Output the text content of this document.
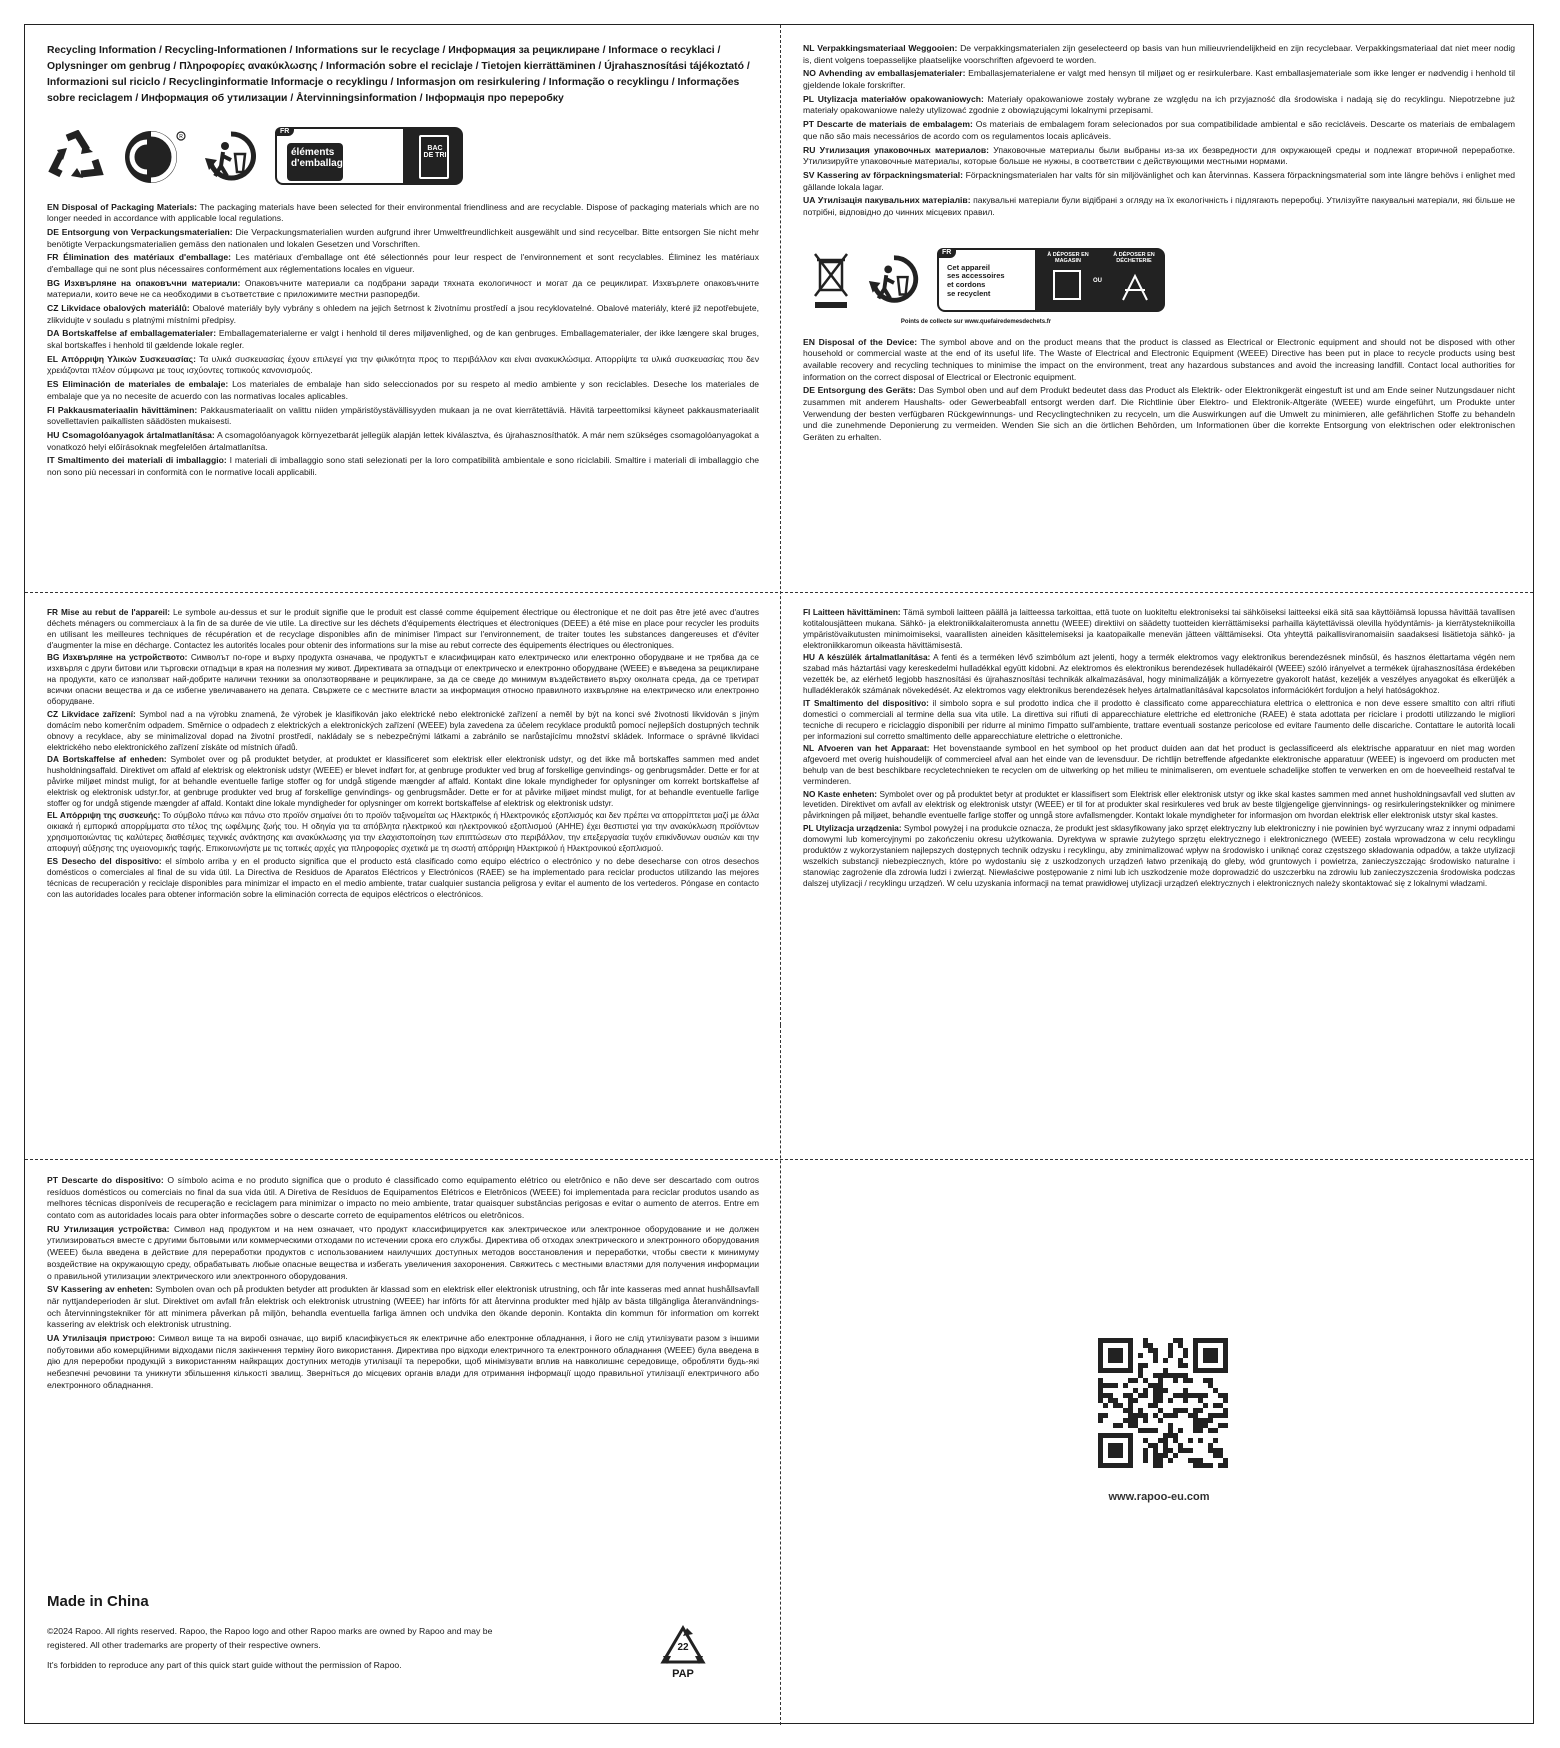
Recycling Information / Recycling-Informationen / Informations sur le recyclage / Информация за рециклиране / Informace o recyklaci / Oplysninger om genbrug / Πληροφορίες ανακύκλωσης / Información sobre el reciclaje / Tietojen kierrättäminen / Újrahasznosítási tájékoztató / Informazioni sul riciclo / Recyclinginformatie Informacje o recyklingu / Informasjon om resirkulering / Informação o recyklingu / Informações sobre reciclagem / Информация об утилизации / Återvinningsinformation / Інформація про переробку
R
FR
éléments
d'emballage
BAC DE TRI
EN Disposal of Packaging Materials: The packaging materials have been selected for their environmental friendliness and are recyclable. Dispose of packaging materials which are no longer needed in accordance with applicable local regulations.
DE Entsorgung von Verpackungsmaterialien: Die Verpackungsmaterialien wurden aufgrund ihrer Umweltfreundlichkeit ausgewählt und sind recycelbar. Bitte entsorgen Sie nicht mehr benötigte Verpackungsmaterialien gemäss den nationalen und lokalen Gesetzen und Vorschriften.
FR Élimination des matériaux d'emballage: Les matériaux d'emballage ont été sélectionnés pour leur respect de l'environnement et sont recyclables. Éliminez les matériaux d'emballage qui ne sont plus nécessaires conformément aux réglementations locales en vigueur.
BG Изхвърляне на опаковъчни материали: Опаковъчните материали са подбрани заради тяхната екологичност и могат да се рециклират. Изхвърлете опаковъчните материали, които вече не са необходими в съответствие с приложимите местни разпоредби.
CZ Likvidace obalových materiálů: Obalové materiály byly vybrány s ohledem na jejich šetrnost k životnímu prostředí a jsou recyklovatelné. Obalové materiály, které již nepotřebujete, zlikvidujte v souladu s platnými místními předpisy.
DA Bortskaffelse af emballagematerialer: Emballagematerialerne er valgt i henhold til deres miljøvenlighed, og de kan genbruges. Emballagematerialer, der ikke længere skal bruges, skal bortskaffes i henhold til gældende lokale regler.
EL Απόρριψη Υλικών Συσκευασίας: Τα υλικά συσκευασίας έχουν επιλεγεί για την φιλικότητα προς το περιβάλλον και είναι ανακυκλώσιμα. Απορρίψτε τα υλικά συσκευασίας που δεν χρειάζονται πλέον σύμφωνα με τους ισχύοντες τοπικούς κανονισμούς.
ES Eliminación de materiales de embalaje: Los materiales de embalaje han sido seleccionados por su respeto al medio ambiente y son reciclables. Deseche los materiales de embalaje que ya no necesite de acuerdo con las normativas locales aplicables.
FI Pakkausmateriaalin hävittäminen: Pakkausmateriaalit on valittu niiden ympäristöystävällisyyden mukaan ja ne ovat kierrätettäviä. Hävitä tarpeettomiksi käyneet pakkausmateriaalit sovellettavien paikallisten säädösten mukaisesti.
HU Csomagolóanyagok ártalmatlanítása: A csomagolóanyagok környezetbarát jellegük alapján lettek kiválasztva, és újrahasznosíthatók. A már nem szükséges csomagolóanyagokat a vonatkozó helyi előírásoknak megfelelően ártalmatlanítsa.
IT Smaltimento dei materiali di imballaggio: I materiali di imballaggio sono stati selezionati per la loro compatibilità ambientale e sono riciclabili. Smaltire i materiali di imballaggio che non sono più necessari in conformità con le normative locali applicabili.
NL Verpakkingsmateriaal Weggooien: De verpakkingsmaterialen zijn geselecteerd op basis van hun milieuvriendelijkheid en zijn recyclebaar. Verpakkingsmateriaal dat niet meer nodig is, dient volgens toepasselijke plaatselijke voorschriften afgevoerd te worden.
NO Avhending av emballasjematerialer: Emballasjematerialene er valgt med hensyn til miljøet og er resirkulerbare. Kast emballasjemateriale som ikke lenger er nødvendig i henhold til gjeldende lokale forskrifter.
PL Utylizacja materiałów opakowaniowych: Materiały opakowaniowe zostały wybrane ze względu na ich przyjazność dla środowiska i nadają się do recyklingu. Niepotrzebne już materiały opakowaniowe należy utylizować zgodnie z obowiązującymi lokalnymi przepisami.
PT Descarte de materiais de embalagem: Os materiais de embalagem foram selecionados por sua compatibilidade ambiental e são recicláveis. Descarte os materiais de embalagem que não são mais necessários de acordo com os regulamentos locais aplicáveis.
RU Утилизация упаковочных материалов: Упаковочные материалы были выбраны из-за их безвредности для окружающей среды и подлежат вторичной переработке. Утилизируйте упаковочные материалы, которые больше не нужны, в соответствии с действующими местными нормами.
SV Kassering av förpackningsmaterial: Förpackningsmaterialen har valts för sin miljövänlighet och kan återvinnas. Kassera förpackningsmaterial som inte längre behövs i enlighet med gällande lokala lagar.
UA Утилізація пакувальних матеріалів: пакувальні матеріали були відібрані з огляду на їх екологічність і підлягають переробці. Утилізуйте пакувальні матеріали, які більше не потрібні, відповідно до чинних місцевих правил.
FR
Cet appareil
ses accessoires
et cordons
se recyclent
À DÉPOSER EN MAGASIN
OU
À DÉPOSER EN DÉCHETERIE
Points de collecte sur www.quefairedemesdechets.fr
EN Disposal of the Device: The symbol above and on the product means that the product is classed as Electrical or Electronic equipment and should not be disposed with other household or commercial waste at the end of its useful life. The Waste of Electrical and Electronic Equipment (WEEE) Directive has been put in place to recycle products using best available recovery and recycling techniques to minimise the impact on the environment, treat any hazardous substances and avoid the increasing landfill. Contact local authorities for information on the correct disposal of Electrical or Electronic equipment.
DE Entsorgung des Geräts: Das Symbol oben und auf dem Produkt bedeutet dass das Product als Elektrik- oder Elektronikgerät eingestuft ist und am Ende seiner Nutzungsdauer nicht zusammen mit anderem Haushalts- oder Gewerbeabfall entsorgt werden darf. Die Richtlinie über Elektro- und Elektronik-Altgeräte (WEEE) wurde eingeführt, um Produkte unter Verwendung der besten verfügbaren Rückgewinnungs- und Recyclingtechniken zu recyceln, um die Auswirkungen auf die Umwelt zu minimieren, alle gefährlichen Stoffe zu behandeln und die zunehmende Deponierung zu vermeiden. Wenden Sie sich an die örtlichen Behörden, um Informationen über die korrekte Entsorgung von elektrischen oder elektronischen Geräten zu erhalten.
FR Mise au rebut de l'appareil: Le symbole au-dessus et sur le produit signifie que le produit est classé comme équipement électrique ou électronique et ne doit pas être jeté avec d'autres déchets ménagers ou commerciaux à la fin de sa durée de vie utile. La directive sur les déchets d'équipements électriques et électroniques (DEEE) a été mise en place pour recycler les produits en utilisant les meilleures techniques de récupération et de recyclage disponibles afin de minimiser l'impact sur l'environnement, de traiter toutes les substances dangereuses et d'éviter d'augmenter la mise en décharge. Contactez les autorités locales pour obtenir des informations sur la mise au rebut correcte des équipements électriques ou électroniques.
BG Изхвърляне на устройството: Символът по-горе и върху продукта означава, че продуктът е класифициран като електрическо или електронно оборудване и не трябва да се изхвърля с други битови или търговски отпадъци в края на полезния му живот. Директивата за отпадъци от електрическо и електронно оборудване (WEEE) е въведена за рециклиране на продукти, като се използват най-добрите налични техники за оползотворяване и рециклиране, за да се сведе до минимум въздействието върху околната среда, да се третират всички опасни вещества и да се избегне увеличаването на депата. Свържете се с местните власти за информация относно правилното изхвърляне на електрическо или електронно оборудване.
CZ Likvidace zařízení: Symbol nad a na výrobku znamená, že výrobek je klasifikován jako elektrické nebo elektronické zařízení a neměl by být na konci své životnosti likvidován s jiným domácím nebo komerčním odpadem. Směrnice o odpadech z elektrických a elektronických zařízení (WEEE) byla zavedena za účelem recyklace produktů pomocí nejlepších dostupných technik obnovy a recyklace, aby se minimalizoval dopad na životní prostředí, nakládaly se s nebezpečnými látkami a zabránilo se narůstajícímu množství skládek. Informace o správné likvidaci elektrického nebo elektronického zařízení získáte od místních úřadů.
DA Bortskaffelse af enheden: Symbolet over og på produktet betyder, at produktet er klassificeret som elektrisk eller elektronisk udstyr, og det ikke må bortskaffes sammen med andet husholdningsaffald. Direktivet om affald af elektrisk og elektronisk udstyr (WEEE) er blevet indført for, at genbruge produkter ved brug af forskellige genvindings- og genbrugsmåder. Dette er for at påvirke miljøet mindst muligt, for at behandle eventuelle farlige stoffer og for undgå stigende mængder af affald. Kontakt dine lokale myndigheder for oplysninger om korrekt bortskaffelse af elektrisk og elektronisk udstyr.for, at genbruge produkter ved brug af forskellige genvindings- og genbrugsmåder. Dette er for at påvirke miljøet mindst muligt, for at behandle eventuelle farlige stoffer og for undgå stigende mængder af affald. Kontakt dine lokale myndigheder for oplysninger om korrekt bortskaffelse af elektrisk og elektronisk udstyr.
EL Απόρριψη της συσκευής: Το σύμβολο πάνω και πάνω στο προϊόν σημαίνει ότι το προϊόν ταξινομείται ως Ηλεκτρικός ή Ηλεκτρονικός εξοπλισμός και δεν πρέπει να απορρίπτεται μαζί με άλλα οικιακά ή εμπορικά απορρίμματα στο τέλος της ωφέλιμης ζωής του. Η οδηγία για τα απόβλητα ηλεκτρικού και ηλεκτρονικού εξοπλισμού (ΑΗΗΕ) έχει θεσπιστεί για την ανακύκλωση προϊόντων χρησιμοποιώντας τις καλύτερες διαθέσιμες τεχνικές ανάκτησης και ανακύκλωσης για την ελαχιστοποίηση των επιπτώσεων στο περιβάλλον, την επεξεργασία τυχόν επικίνδυνων ουσιών και την αποφυγή αύξησης της υγειονομικής ταφής. Επικοινωνήστε με τις τοπικές αρχές για πληροφορίες σχετικά με τη σωστή απόρριψη Ηλεκτρικού ή Ηλεκτρονικού εξοπλισμού.
ES Desecho del dispositivo: el símbolo arriba y en el producto significa que el producto está clasificado como equipo eléctrico o electrónico y no debe desecharse con otros desechos domésticos o comerciales al final de su vida útil. La Directiva de Residuos de Aparatos Eléctricos y Electrónicos (RAEE) se ha implementado para reciclar productos utilizando las mejores técnicas de recuperación y reciclaje disponibles para minimizar el impacto en el medio ambiente, tratar cualquier sustancia peligrosa y evitar el aumento de los vertederos. Póngase en contacto con las autoridades locales para obtener información sobre la eliminación correcta de equipos eléctricos o electrónicos.
FI Laitteen hävittäminen: Tämä symboli laitteen päällä ja laitteessa tarkoittaa, että tuote on luokiteltu elektroniseksi tai sähköiseksi laitteeksi eikä sitä saa käyttöiämsä lopussa hävittää tavallisen kotitalousjätteen mukana. Sähkö- ja elektroniikkalaiteromusta annettu (WEEE) direktiivi on säädetty tuotteiden kierrättämiseksi parhailla käytettävissä olevilla hyödyntämis- ja kierrätystekniikoilla ympäristövaikutusten minimoimiseksi, vaarallisten aineiden käsittelemiseksi ja kaatopaikalle menevän jätteen välttämiseksi. Ota yhteyttä paikallisviranomaisiin saadaksesi lisätietoja sähkö- ja elektroniikkaromun oikeasta hävittämisestä.
HU A készülék ártalmatlanítása: A fenti és a terméken lévő szimbólum azt jelenti, hogy a termék elektromos vagy elektronikus berendezésnek minősül, és hasznos élettartama végén nem szabad más háztartási vagy kereskedelmi hulladékkal együtt kidobni. Az elektromos és elektronikus berendezések hulladékairól (WEEE) szóló irányelvet a termékek újrahasznosítása érdekében vezették be, az elérhető legjobb hasznosítási és újrahasznosítási technikák alkalmazásával, hogy minimalizálják a környezetre gyakorolt hatást, kezeljék a veszélyes anyagokat és elkerüljék a hulladéklerakók számának növekedését. Az elektromos vagy elektronikus berendezések helyes ártalmatlanításával kapcsolatos információkért forduljon a helyi hatóságokhoz.
IT Smaltimento del dispositivo: il simbolo sopra e sul prodotto indica che il prodotto è classificato come apparecchiatura elettrica o elettronica e non deve essere smaltito con altri rifiuti domestici o commerciali al termine della sua vita utile. La direttiva sui rifiuti di apparecchiature elettriche ed elettroniche (RAEE) è stata adottata per riciclare i prodotti utilizzando le migliori tecniche di recupero e riciclaggio disponibili per ridurre al minimo l'impatto sull'ambiente, trattare eventuali sostanze pericolose ed evitare l'aumento delle discariche. Contattare le autorità locali per informazioni sul corretto smaltimento delle apparecchiature elettriche o elettroniche.
NL Afvoeren van het Apparaat: Het bovenstaande symbool en het symbool op het product duiden aan dat het product is geclassificeerd als elektrische apparatuur en niet mag worden afgevoerd met overig huishoudelijk of commercieel afval aan het einde van de levensduur. De richtlijn betreffende afgedankte elektronische apparatuur (WEEE) is ingevoerd om producten met behulp van de best beschikbare recycletechnieken te recyclen om de uitwerking op het milieu te minimaliseren, om eventuele schadelijke stoffen te verwerken en om de hoeveelheid restafval te verminderen.
NO Kaste enheten: Symbolet over og på produktet betyr at produktet er klassifisert som Elektrisk eller elektronisk utstyr og ikke skal kastes sammen med annet husholdningsavfall ved slutten av levetiden. Direktivet om avfall av elektrisk og elektronisk utstyr (WEEE) er til for at produkter skal resirkuleres ved bruk av beste tilgjengelige gjenvinnings- og resirkuleringsteknikker og minimere påvirkningen på miljøet, behandle eventuelle farlige stoffer og unngå store avfallsmengder. Kontakt lokale myndigheter for informasjon om hvordan elektrisk eller elektronisk utstyr skal kastes.
PL Utylizacja urządzenia: Symbol powyżej i na produkcie oznacza, że produkt jest sklasyfikowany jako sprzęt elektryczny lub elektroniczny i nie powinien być wyrzucany wraz z innymi odpadami domowymi lub komercyjnymi po zakończeniu okresu użytkowania. Dyrektywa w sprawie zużytego sprzętu elektrycznego i elektronicznego (WEEE) została wprowadzona w celu recyklingu produktów z wykorzystaniem najlepszych dostępnych technik odzysku i recyklingu, aby zminimalizować wpływ na środowisko i uniknąć coraz częstszego składowania odpadów, a także utylizacji wszelkich substancji niebezpiecznych, które po wydostaniu się z uszkodzonych urządzeń łatwo przenikają do gleby, wód gruntowych i powietrza, zanieczyszczając środowisko naturalne i stanowiąc zagrożenie dla zdrowia ludzi i zwierząt. Niewłaściwe postępowanie z nimi lub ich uszkodzenie może doprowadzić do uszczerbku na zdrowiu lub zanieczyszczenia środowiska podczas dalszej utylizacji / recyklingu urządzeń. W celu uzyskania informacji na temat prawidłowej utylizacji urządzeń elektrycznych i elektronicznych należy skontaktować się z lokalnymi władzami.
PT Descarte do dispositivo: O símbolo acima e no produto significa que o produto é classificado como equipamento elétrico ou eletrônico e não deve ser descartado com outros resíduos domésticos ou comerciais no final da sua vida útil. A Diretiva de Resíduos de Equipamentos Elétricos e Eletrônicos (WEEE) foi implementada para reciclar produtos usando as melhores técnicas disponíveis de recuperação e reciclagem para minimizar o impacto no meio ambiente, tratar quaisquer substâncias perigosas e evitar o aumento de aterros. Entre em contato com as autoridades locais para obter informações sobre o descarte correto de equipamentos elétricos ou eletrônicos.
RU Утилизация устройства: Символ над продуктом и на нем означает, что продукт классифицируется как электрическое или электронное оборудование и не должен утилизироваться вместе с другими бытовыми или коммерческими отходами по истечении срока его службы. Директива об отходах электрического и электронного оборудования (WEEE) была введена в действие для переработки продуктов с использованием наилучших доступных методов восстановления и переработки, чтобы свести к минимуму воздействие на окружающую среду, обрабатывать любые опасные вещества и избегать увеличения захоронения. Свяжитесь с местными властями для получения информации о правильной утилизации электрического или электронного оборудования.
SV Kassering av enheten: Symbolen ovan och på produkten betyder att produkten är klassad som en elektrisk eller elektronisk utrustning, och får inte kasseras med annat hushållsavfall när nyttjandeperioden är slut. Direktivet om avfall från elektrisk och elektronisk utrustning (WEEE) har införts för att återvinna produkter med hjälp av bästa tillgängliga återanvändnings- och återvinningstekniker för att minimera påverkan på miljön, behandla eventuella farliga ämnen och undvika den ökande deponin. Kontakta din kommun för information om korrekt kassering av elektrisk och elektronisk utrustning.
UA Утилізація пристрою: Символ вище та на виробі означає, що виріб класифікується як електричне або електронне обладнання, і його не слід утилізувати разом з іншими побутовими або комерційними відходами після закінчення терміну його використання. Директива про відходи електричного та електронного обладнання (WEEE) була введена в дію для переробки продукцій з використанням найкращих доступних методів утилізації та переробки, щоб мінімізувати вплив на навколишнє середовище, обробляти будь-які небезпечні речовини та уникнути збільшення кількості звалищ. Зверніться до місцевих органів влади для отримання інформації щодо правильної утилізації електричного або електронного обладнання.
Made in China
©2024 Rapoo. All rights reserved. Rapoo, the Rapoo logo and other Rapoo marks are owned by Rapoo and may be registered. All other trademarks are property of their respective owners.
It's forbidden to reproduce any part of this quick start guide without the permission of Rapoo.
22
PAP
www.rapoo-eu.com
